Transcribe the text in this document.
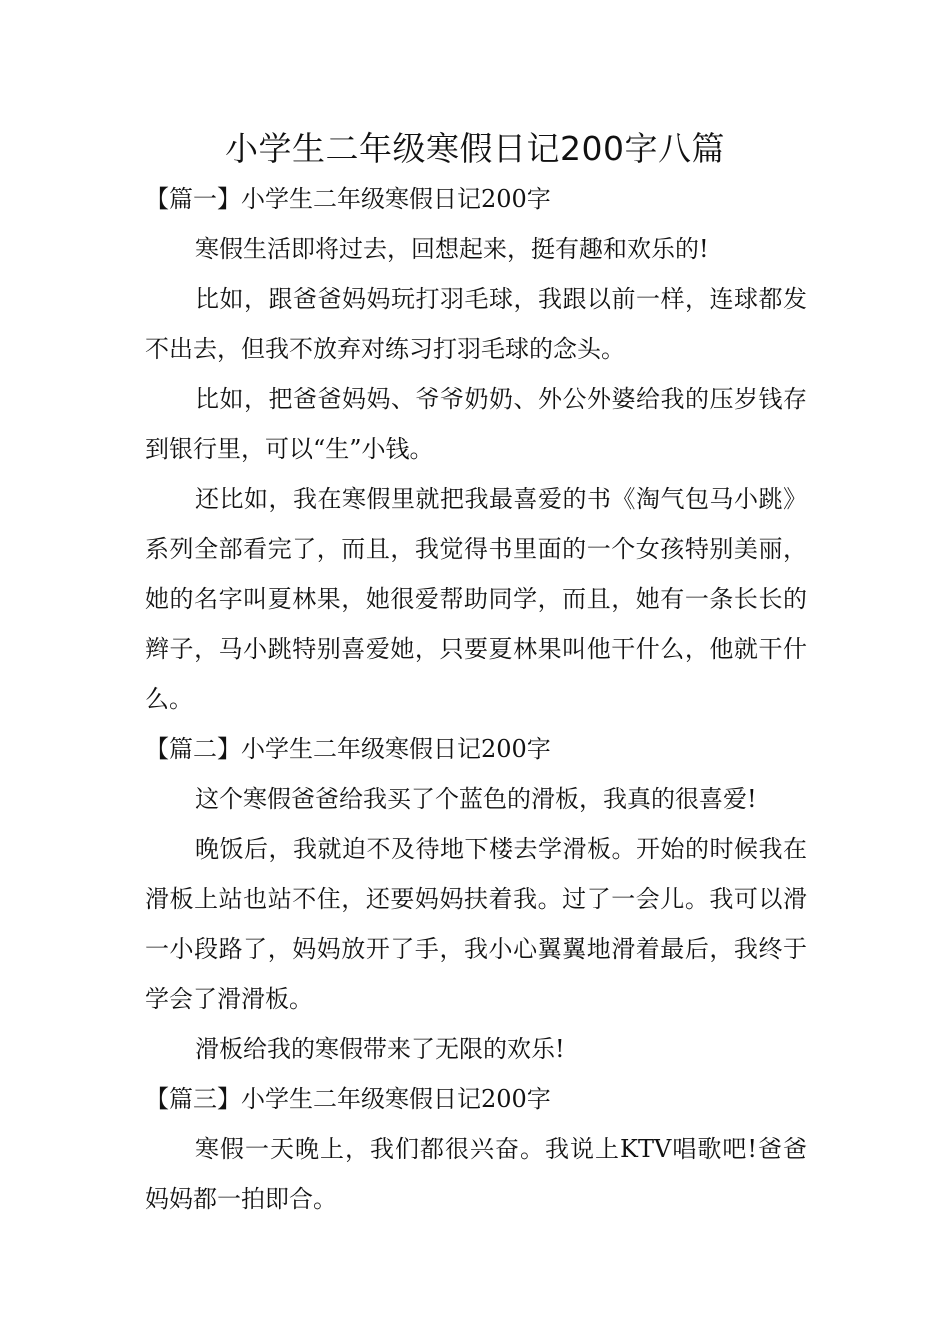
小学生二年级寒假日记200字八篇

【篇一】小学生二年级寒假日记200字

寒假生活即将过去，回想起来，挺有趣和欢乐的!

比如，跟爸爸妈妈玩打羽毛球，我跟以前一样，连球都发不出去，但我不放弃对练习打羽毛球的念头。

比如，把爸爸妈妈、爷爷奶奶、外公外婆给我的压岁钱存到银行里，可以“生”小钱。

还比如，我在寒假里就把我最喜爱的书《淘气包马小跳》系列全部看完了，而且，我觉得书里面的一个女孩特别美丽，她的名字叫夏林果，她很爱帮助同学，而且，她有一条长长的辫子，马小跳特别喜爱她，只要夏林果叫他干什么，他就干什么。

【篇二】小学生二年级寒假日记200字

这个寒假爸爸给我买了个蓝色的滑板，我真的很喜爱!

晚饭后，我就迫不及待地下楼去学滑板。开始的时候我在滑板上站也站不住，还要妈妈扶着我。过了一会儿。我可以滑一小段路了，妈妈放开了手，我小心翼翼地滑着最后，我终于学会了滑滑板。

滑板给我的寒假带来了无限的欢乐!

【篇三】小学生二年级寒假日记200字

寒假一天晚上，我们都很兴奋。我说上KTV唱歌吧!爸爸妈妈都一拍即合。
